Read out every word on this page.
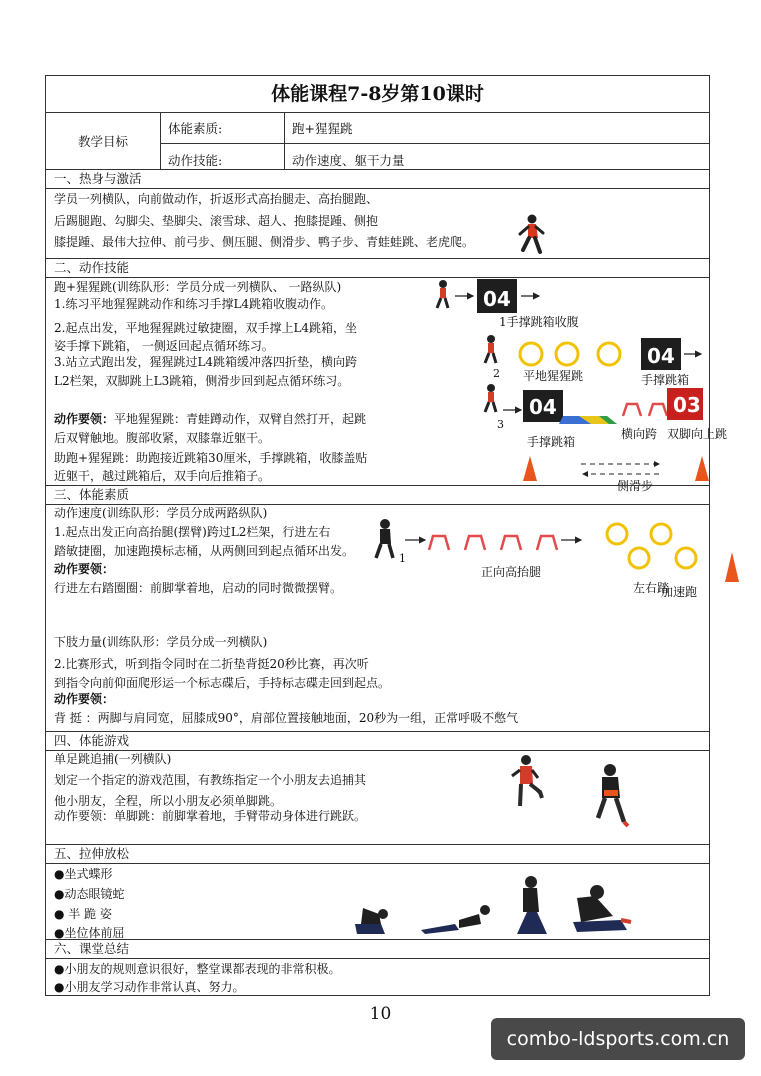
体能课程7-8岁第10课时
教学目标
体能素质:	跑+猩猩跳
动作技能:	动作速度、躯干力量
一、热身与激活
学员一列横队，向前做动作，折返形式高抬腿走、高抬腿跑、
后踢腿跑、勾脚尖、垫脚尖、滚雪球、超人、抱膝提踵、侧抱
膝提踵、最伟大拉伸、前弓步、侧压腿、侧滑步、鸭子步、青蛙蛙跳、老虎爬。
二、动作技能
跑+猩猩跳(训练队形：学员分成一列横队、 一路纵队)
1.练习平地猩猩跳动作和练习手撑L4跳箱收腹动作。
2.起点出发，平地猩猩跳过敏捷圈，双手撑上L4跳箱，坐
姿手撑下跳箱， 一侧返回起点循环练习。
3.站立式跑出发，猩猩跳过L4跳箱缓冲落四折垫，横向跨
L2栏架，双脚跳上L3跳箱，侧滑步回到起点循环练习。
动作要领：平地猩猩跳：青蛙蹲动作，双臂自然打开，起跳
后双臂触地。腹部收紧，双膝靠近躯干。
助跑+猩猩跳：助跑接近跳箱30厘米，手撑跳箱，收膝盖贴
近躯干，越过跳箱后，双手向后推箱子。
04
1手撑跳箱收腹
2
04
平地猩猩跳	手撑跳箱
3
04	03
手撑跳箱
横向跨 双脚向上跳
侧滑步
三、体能素质
动作速度(训练队形：学员分成两路纵队)
1.起点出发正向高抬腿(摆臂)跨过L2栏架，行进左右
踏敏捷圈，加速跑摸标志桶，从两侧回到起点循环出发。
动作要领：
行进左右踏圈圈：前脚掌着地，启动的同时微微摆臂。
1
正向高抬腿
左右踏
加速跑
下肢力量(训练队形：学员分成一列横队)
2.比赛形式，听到指令同时在二折垫背挺20秒比赛，再次听
到指令向前仰面爬形运一个标志碟后，手持标志碟走回到起点。
动作要领：
背 挺 ：两脚与肩同宽，屈膝成90°，肩部位置接触地面，20秒为一组，正常呼吸不憋气
四、体能游戏
单足跳追捕(一列横队)
划定一个指定的游戏范围，有教练指定一个小朋友去追捕其
他小朋友，全程，所以小朋友必须单脚跳。
动作要领：单脚跳：前脚掌着地，手臂带动身体进行跳跃。
五、拉伸放松
●坐式蝶形
●动态眼镜蛇
● 半 跪 姿
●坐位体前屈
六、课堂总结
●小朋友的规则意识很好，整堂课都表现的非常积极。
●小朋友学习动作非常认真、努力。
10
combo-ldsports.com.cn
